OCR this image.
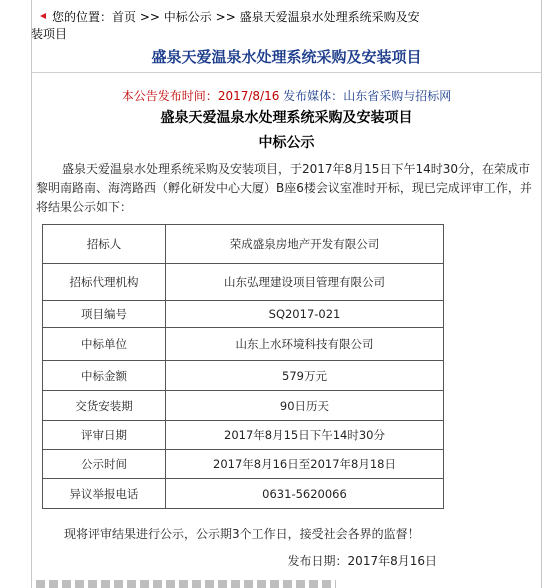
您的位置：首页 >> 中标公示 >> 盛泉天爱温泉水处理系统采购及安
装项目
盛泉天爱温泉水处理系统采购及安装项目
本公告发布时间：2017/8/16 发布媒体：山东省采购与招标网
盛泉天爱温泉水处理系统采购及安装项目
中标公示
盛泉天爱温泉水处理系统采购及安装项目，于2017年8月15日下午14时30分，在荣成市黎明南路南、海湾路西（孵化研发中心大厦）B座6楼会议室准时开标，现已完成评审工作，并将结果公示如下：
招标人	荣成盛泉房地产开发有限公司
招标代理机构	山东弘理建设项目管理有限公司
项目编号	SQ2017-021
中标单位	山东上水环境科技有限公司
中标金额	579万元
交货安装期	90日历天
评审日期	2017年8月15日下午14时30分
公示时间	2017年8月16日至2017年8月18日
异议举报电话	0631-5620066
现将评审结果进行公示，公示期3个工作日，接受社会各界的监督！
发布日期：2017年8月16日
